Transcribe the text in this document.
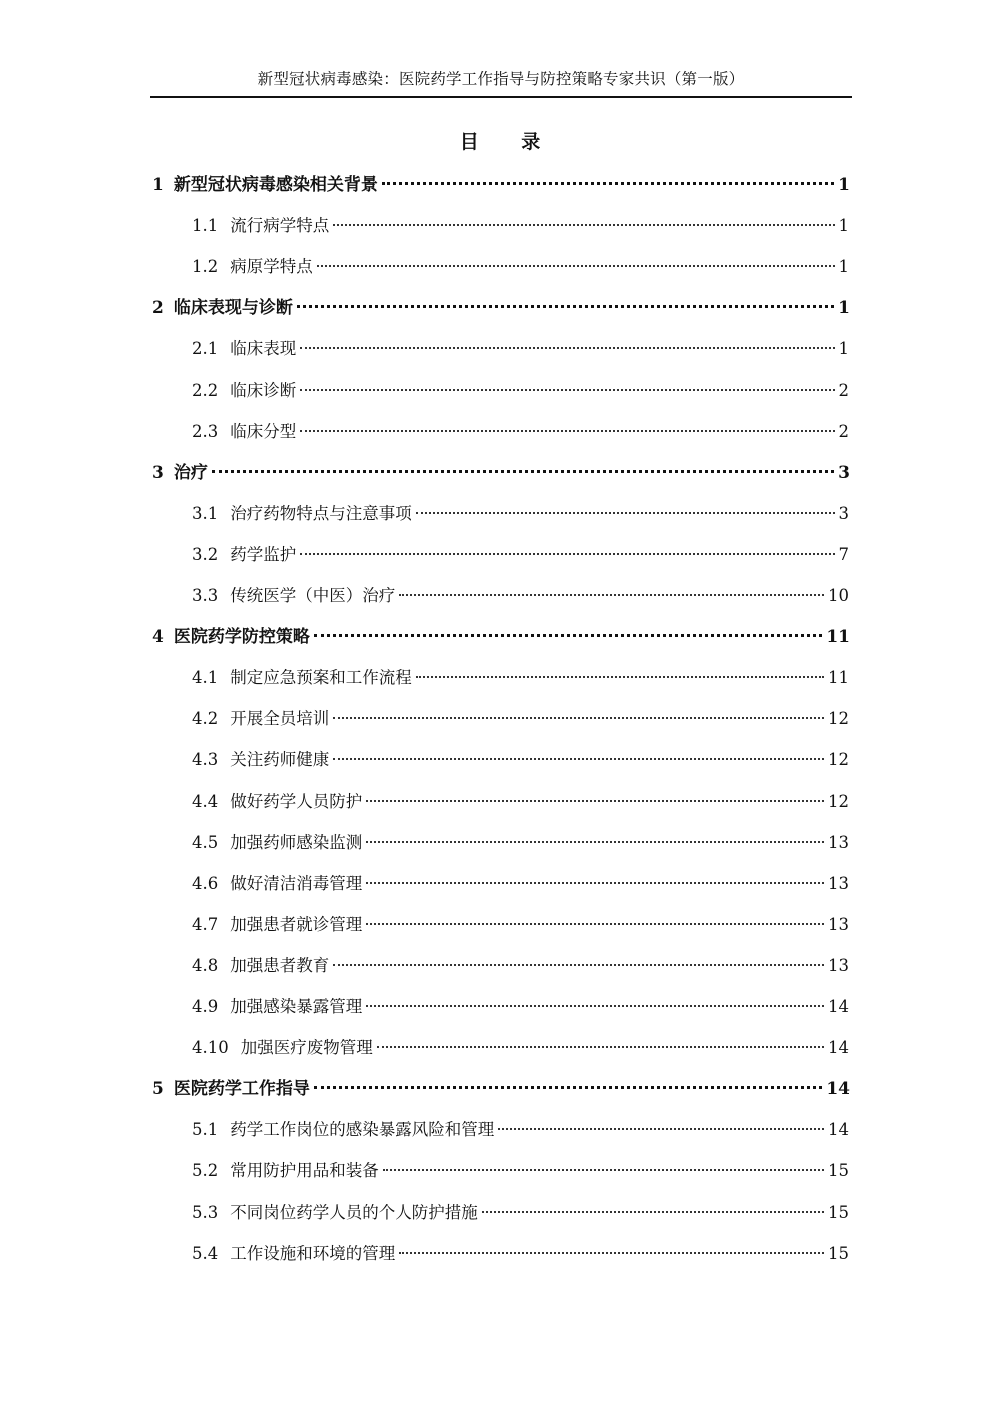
新型冠状病毒感染：医院药学工作指导与防控策略专家共识（第一版）
目 录
1 新型冠状病毒感染相关背景	1
1.1 流行病学特点	1
1.2 病原学特点	1
2 临床表现与诊断	1
2.1 临床表现	1
2.2 临床诊断	2
2.3 临床分型	2
3 治疗	3
3.1 治疗药物特点与注意事项	3
3.2 药学监护	7
3.3 传统医学（中医）治疗	10
4 医院药学防控策略	11
4.1 制定应急预案和工作流程	11
4.2 开展全员培训	12
4.3 关注药师健康	12
4.4 做好药学人员防护	12
4.5 加强药师感染监测	13
4.6 做好清洁消毒管理	13
4.7 加强患者就诊管理	13
4.8 加强患者教育	13
4.9 加强感染暴露管理	14
4.10 加强医疗废物管理	14
5 医院药学工作指导	14
5.1 药学工作岗位的感染暴露风险和管理	14
5.2 常用防护用品和装备	15
5.3 不同岗位药学人员的个人防护措施	15
5.4 工作设施和环境的管理	15
